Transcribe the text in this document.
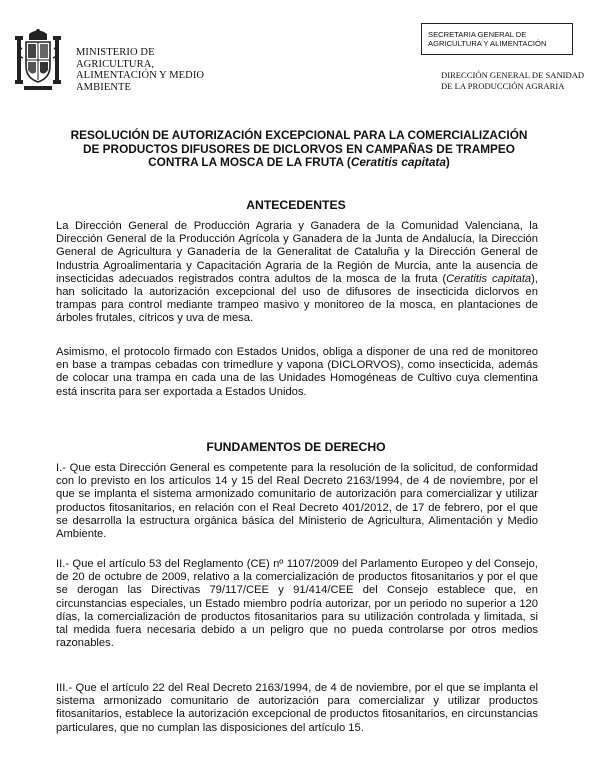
MINISTERIO DE
AGRICULTURA,
ALIMENTACIÓN Y MEDIO
AMBIENTE
SECRETARIA GENERAL DE
AGRICULTURA Y ALIMENTACIÓN
DIRECCIÓN GENERAL DE SANIDAD
DE LA PRODUCCIÓN AGRARIA
RESOLUCIÓN DE AUTORIZACIÓN EXCEPCIONAL PARA LA COMERCIALIZACIÓN
DE PRODUCTOS DIFUSORES DE DICLORVOS EN CAMPAÑAS DE TRAMPEO
CONTRA LA MOSCA DE LA FRUTA (Ceratitis capitata)
ANTECEDENTES

La Dirección General de Producción Agraria y Ganadera de la Comunidad Valenciana, la Dirección General de la Producción Agrícola y Ganadera de la Junta de Andalucía, la Dirección General de Agricultura y Ganadería de la Generalitat de Cataluña y la Dirección General de Industria Agroalimentaria y Capacitación Agraria de la Región de Murcia, ante la ausencia de insecticidas adecuados registrados contra adultos de la mosca de la fruta (Ceratitis capitata), han solicitado la autorización excepcional del uso de difusores de insecticida diclorvos en trampas para control mediante trampeo masivo y monitoreo de la mosca, en plantaciones de árboles frutales, cítricos y uva de mesa.

Asimismo, el protocolo firmado con Estados Unidos, obliga a disponer de una red de monitoreo en base a trampas cebadas con trimedlure y vapona (DICLORVOS), como insecticida, además de colocar una trampa en cada una de las Unidades Homogéneas de Cultivo cuya clementina está inscrita para ser exportada a Estados Unidos.

FUNDAMENTOS DE DERECHO

I.- Que esta Dirección General es competente para la resolución de la solicitud, de conformidad con lo previsto en los artículos 14 y 15 del Real Decreto 2163/1994, de 4 de noviembre, por el que se implanta el sistema armonizado comunitario de autorización para comercializar y utilizar productos fitosanitarios, en relación con el Real Decreto 401/2012, de 17 de febrero, por el que se desarrolla la estructura orgánica básica del Ministerio de Agricultura, Alimentación y Medio Ambiente.

II.- Que el artículo 53 del Reglamento (CE) nº 1107/2009 del Parlamento Europeo y del Consejo, de 20 de octubre de 2009, relativo a la comercialización de productos fitosanitarios y por el que se derogan las Directivas 79/117/CEE y 91/414/CEE del Consejo establece que, en circunstancias especiales, un Estado miembro podría autorizar, por un periodo no superior a 120 días, la comercialización de productos fitosanitarios para su utilización controlada y limitada, si tal medida fuera necesaria debido a un peligro que no pueda controlarse por otros medios razonables.

III.- Que el artículo 22 del Real Decreto 2163/1994, de 4 de noviembre, por el que se implanta el sistema armonizado comunitario de autorización para comercializar y utilizar productos fitosanitarios, establece la autorización excepcional de productos fitosanitarios, en circunstancias particulares, que no cumplan las disposiciones del artículo 15.
